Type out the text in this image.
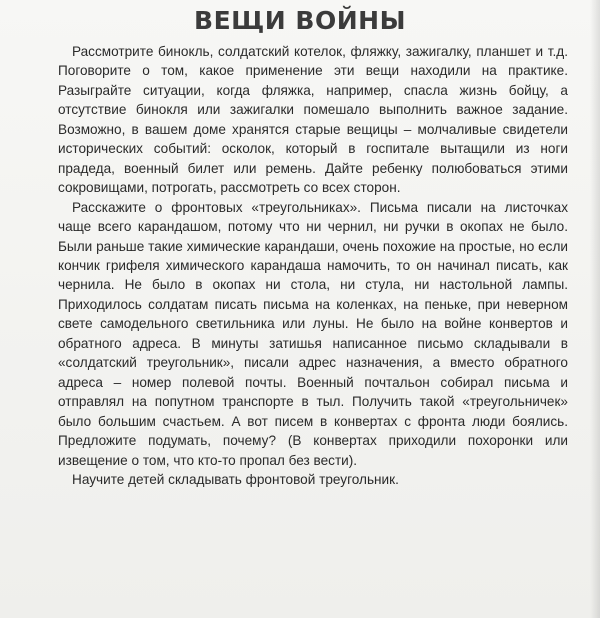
ВЕЩИ ВОЙНЫ

Рассмотрите бинокль, солдатский котелок, фляжку, зажигалку, планшет и т.д. Поговорите о том, какое применение эти вещи находили на практике. Разыграйте ситуации, когда фляжка, например, спасла жизнь бойцу, а отсутствие бинокля или зажигалки помешало выполнить важное задание. Возможно, в вашем доме хранятся старые вещицы – молчаливые свидетели исторических событий: осколок, который в госпитале вытащили из ноги прадеда, военный билет или ремень. Дайте ребенку полюбоваться этими сокровищами, потрогать, рассмотреть со всех сторон.

Расскажите о фронтовых «треугольниках». Письма писали на листочках чаще всего карандашом, потому что ни чернил, ни ручки в окопах не было. Были раньше такие химические карандаши, очень похожие на простые, но если кончик грифеля химического карандаша намочить, то он начинал писать, как чернила. Не было в окопах ни стола, ни стула, ни настольной лампы. Приходилось солдатам писать письма на коленках, на пеньке, при неверном свете самодельного светильника или луны. Не было на войне конвертов и обратного адреса. В минуты затишья написанное письмо складывали в «солдатский треугольник», писали адрес назначения, а вместо обратного адреса – номер полевой почты. Военный почтальон собирал письма и отправлял на попутном транспорте в тыл. Получить такой «треугольничек» было большим счастьем. А вот писем в конвертах с фронта люди боялись. Предложите подумать, почему? (В конвертах приходили похоронки или извещение о том, что кто-то пропал без вести).

Научите детей складывать фронтовой треугольник.
